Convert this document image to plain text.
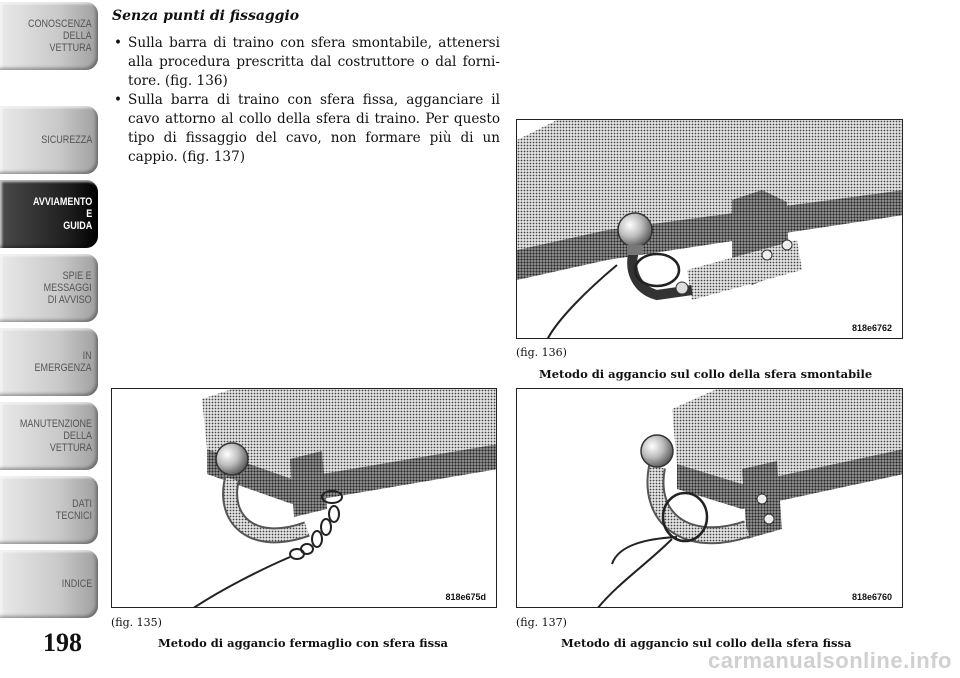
CONOSCENZA
DELLA
VETTURA
SICUREZZA
AVVIAMENTO
E
GUIDA
SPIE E
MESSAGGI
DI AVVISO
IN
EMERGENZA
MANUTENZIONE
DELLA
VETTURA
DATI
TECNICI
INDICE
198
Senza punti di fissaggio
• Sulla barra di traino con sfera smontabile, attenersi alla procedura prescritta dal costruttore o dal forni-tore. (fig. 136)
• Sulla barra di traino con sfera fissa, agganciare il cavo attorno al collo della sfera di traino. Per questo tipo di fissaggio del cavo, non formare più di un cappio. (fig. 137)
818e6762
(fig. 136)
Metodo di aggancio sul collo della sfera smontabile
818e675d
(fig. 135)
Metodo di aggancio fermaglio con sfera fissa
818e6760
(fig. 137)
Metodo di aggancio sul collo della sfera fissa
carmanualsonline.info
